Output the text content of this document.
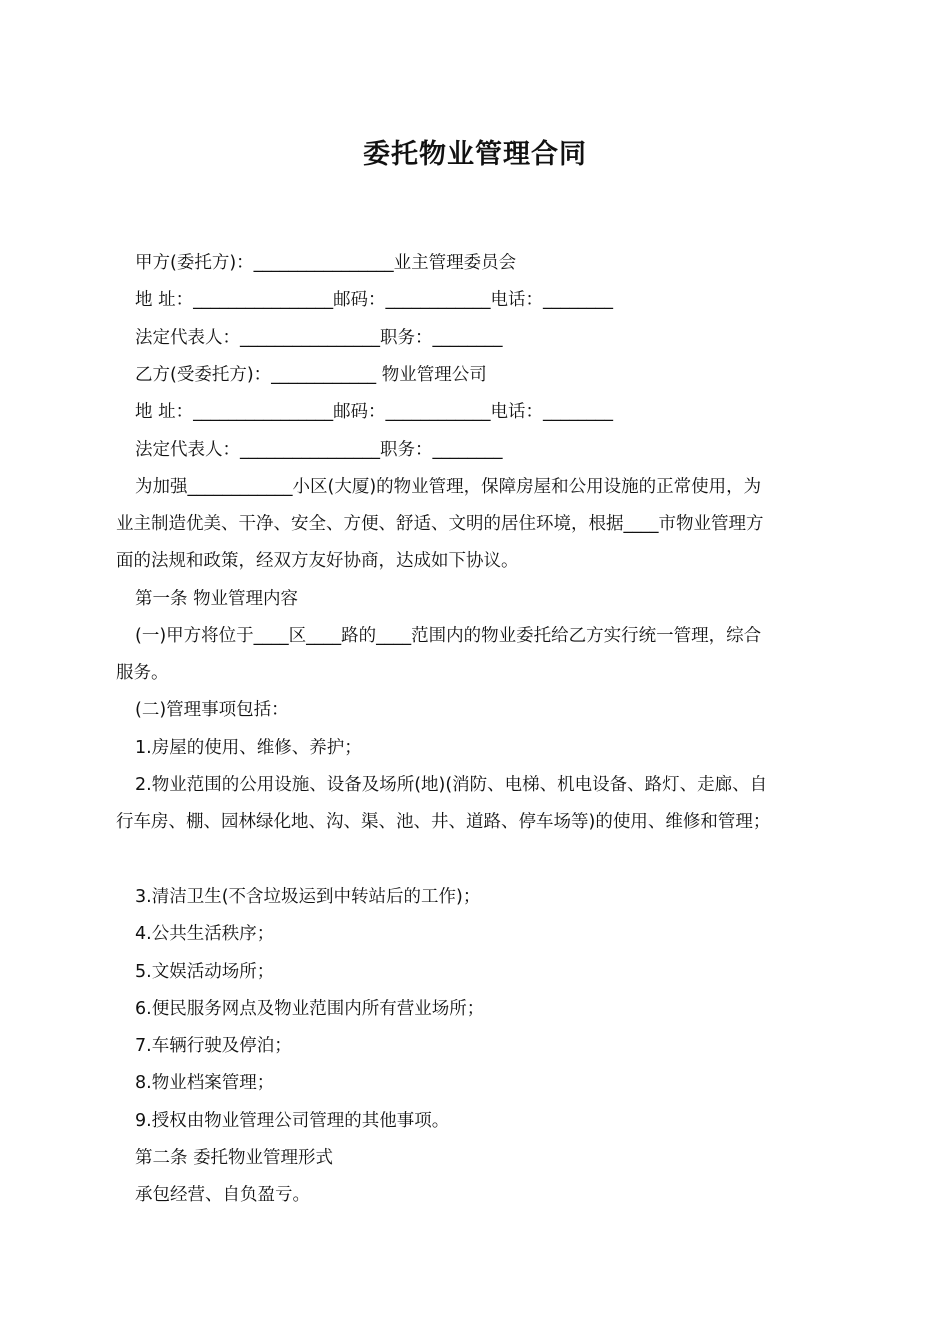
委托物业管理合同
甲方(委托方)：________________业主管理委员会
地 址：________________邮码：____________电话：________
法定代表人：________________职务：________
乙方(受委托方)：____________ 物业管理公司
地 址：________________邮码：____________电话：________
法定代表人：________________职务：________
为加强____________小区(大厦)的物业管理，保障房屋和公用设施的正常使用，为
业主制造优美、干净、安全、方便、舒适、文明的居住环境，根据____市物业管理方
面的法规和政策，经双方友好协商，达成如下协议。
第一条 物业管理内容
(一)甲方将位于____区____路的____范围内的物业委托给乙方实行统一管理，综合
服务。
(二)管理事项包括：
1.房屋的使用、维修、养护；
2.物业范围的公用设施、设备及场所(地)(消防、电梯、机电设备、路灯、走廊、自
行车房、棚、园林绿化地、沟、渠、池、井、道路、停车场等)的使用、维修和管理；
3.清洁卫生(不含垃圾运到中转站后的工作)；
4.公共生活秩序；
5.文娱活动场所；
6.便民服务网点及物业范围内所有营业场所；
7.车辆行驶及停泊；
8.物业档案管理；
9.授权由物业管理公司管理的其他事项。
第二条 委托物业管理形式
承包经营、自负盈亏。
